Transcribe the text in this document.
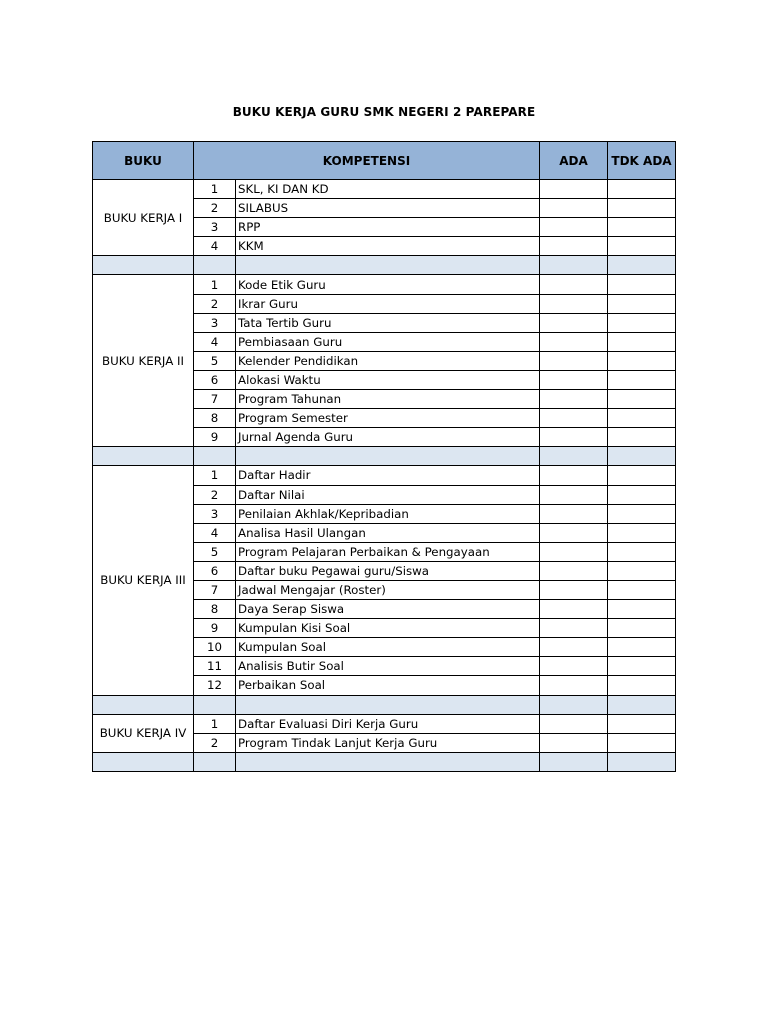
BUKU KERJA GURU SMK NEGERI 2 PAREPARE
BUKU	KOMPETENSI		ADA	TDK ADA
BUKU KERJA I	1	SKL, KI DAN KD		
	2	SILABUS		
	3	RPP		
	4	KKM		

BUKU KERJA II	1	Kode Etik Guru		
	2	Ikrar Guru		
	3	Tata Tertib Guru		
	4	Pembiasaan Guru		
	5	Kelender Pendidikan		
	6	Alokasi Waktu		
	7	Program Tahunan		
	8	Program Semester		
	9	Jurnal Agenda Guru		

BUKU KERJA III	1	Daftar Hadir		
	2	Daftar Nilai		
	3	Penilaian Akhlak/Kepribadian		
	4	Analisa Hasil Ulangan		
	5	Program Pelajaran Perbaikan & Pengayaan		
	6	Daftar buku Pegawai guru/Siswa		
	7	Jadwal Mengajar (Roster)		
	8	Daya Serap Siswa		
	9	Kumpulan Kisi Soal		
	10	Kumpulan Soal		
	11	Analisis Butir Soal		
	12	Perbaikan Soal		

BUKU KERJA IV	1	Daftar Evaluasi Diri Kerja Guru		
	2	Program Tindak Lanjut Kerja Guru		
